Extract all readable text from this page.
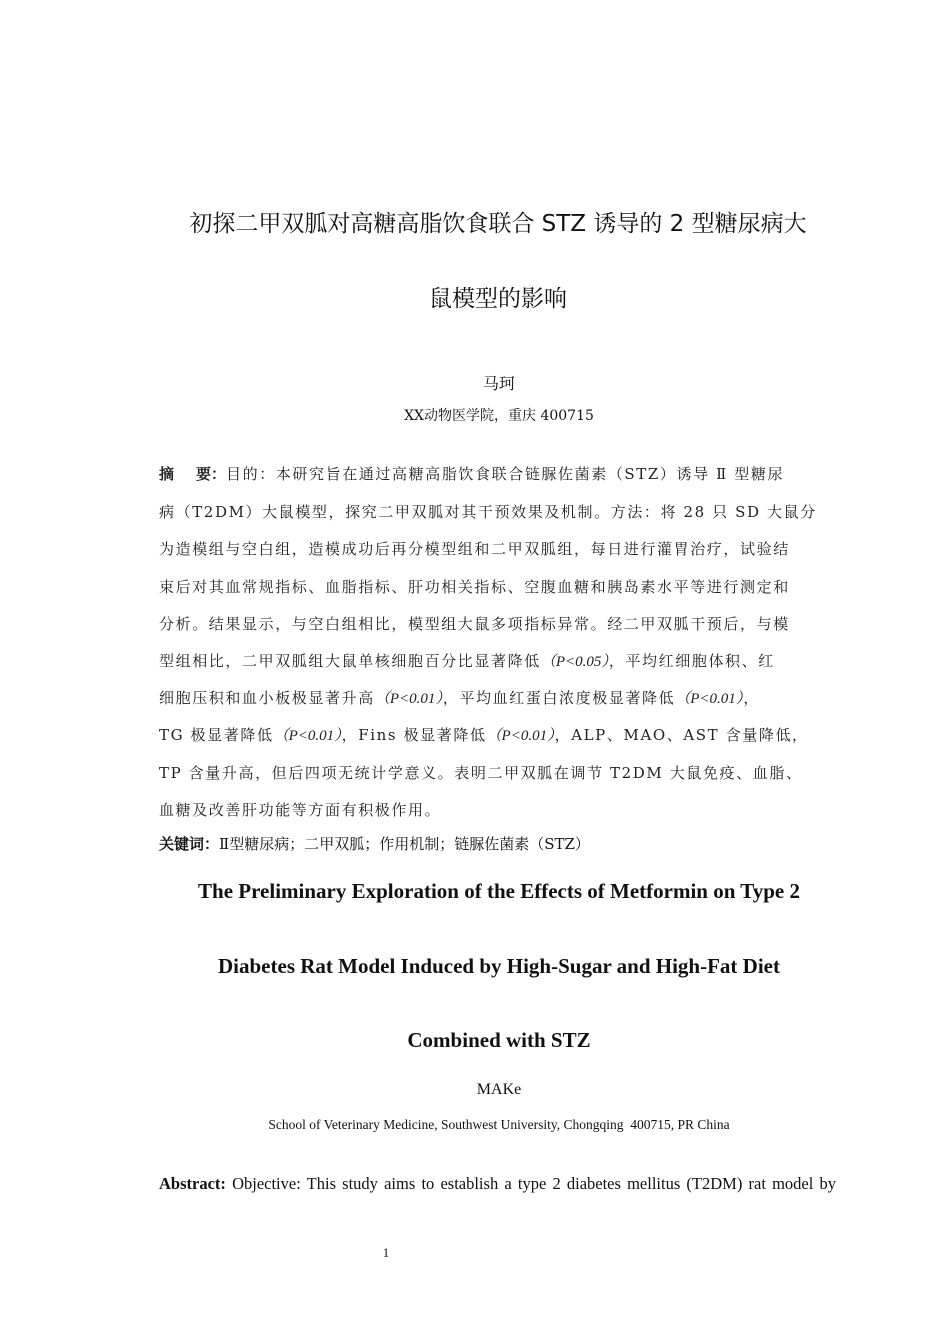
初探二甲双胍对高糖高脂饮食联合 STZ 诱导的 2 型糖尿病大
鼠模型的影响
马珂
XX动物医学院，重庆 400715
摘 要：目的：本研究旨在通过高糖高脂饮食联合链脲佐菌素（STZ）诱导 Ⅱ 型糖尿
病（T2DM）大鼠模型，探究二甲双胍对其干预效果及机制。方法：将 28 只 SD 大鼠分
为造模组与空白组，造模成功后再分模型组和二甲双胍组，每日进行灌胃治疗，试验结
束后对其血常规指标、血脂指标、肝功相关指标、空腹血糖和胰岛素水平等进行测定和
分析。结果显示，与空白组相比，模型组大鼠多项指标异常。经二甲双胍干预后，与模
型组相比，二甲双胍组大鼠单核细胞百分比显著降低（P<0.05），平均红细胞体积、红
细胞压积和血小板极显著升高（P<0.01），平均血红蛋白浓度极显著降低（P<0.01），
TG 极显著降低（P<0.01），Fins 极显著降低（P<0.01），ALP、MAO、AST 含量降低，
TP 含量升高，但后四项无统计学意义。表明二甲双胍在调节 T2DM 大鼠免疫、血脂、
血糖及改善肝功能等方面有积极作用。
关键词：Ⅱ型糖尿病；二甲双胍；作用机制；链脲佐菌素（STZ）
The Preliminary Exploration of the Effects of Metformin on Type 2
Diabetes Rat Model Induced by High-Sugar and High-Fat Diet
Combined with STZ
MAKe
School of Veterinary Medicine, Southwest University, Chongqing  400715, PR China
Abstract: Objective: This study aims to establish a type 2 diabetes mellitus (T2DM) rat model by
1
